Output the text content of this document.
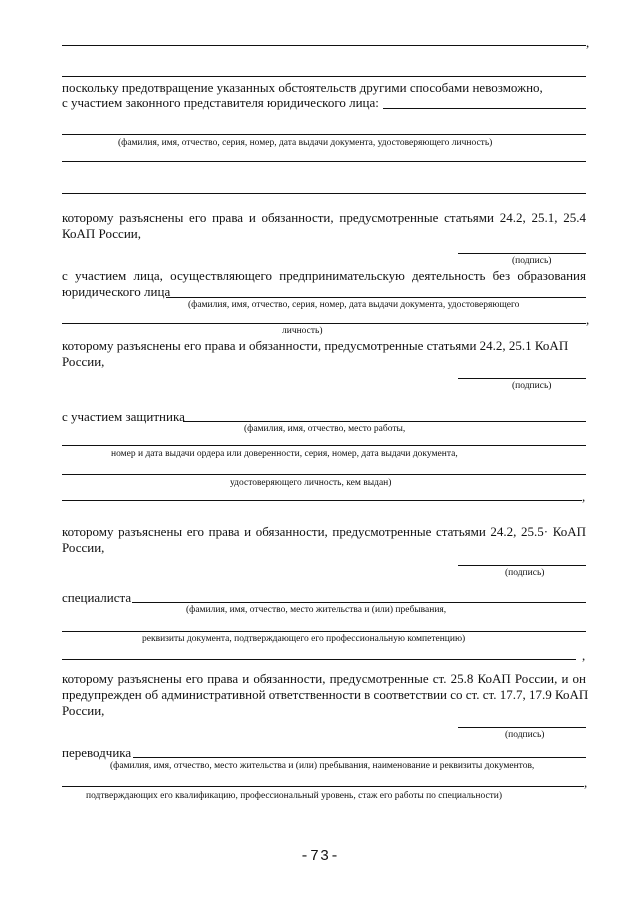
,
поскольку предотвращение указанных обстоятельств другими способами невозможно,
с участием законного представителя юридического лица:
(фамилия, имя, отчество, серия, номер, дата выдачи документа, удостоверяющего личность)
которому разъяснены его права и обязанности, предусмотренные статьями 24.2, 25.1, 25.4
КоАП России,
(подпись)
с участием лица, осуществляющего предпринимательскую деятельность без образования
юридического лица
(фамилия, имя, отчество, серия, номер, дата выдачи документа, удостоверяющего
,
личность)
которому разъяснены его права и обязанности, предусмотренные статьями 24.2, 25.1 КоАП
России,
(подпись)
с участием защитника
(фамилия, имя, отчество, место работы,
номер и дата выдачи ордера или доверенности, серия, номер, дата выдачи документа,
удостоверяющего личность, кем выдан)
,
которому разъяснены его права и обязанности, предусмотренные статьями 24.2, 25.5· КоАП
России,
(подпись)
специалиста
(фамилия, имя, отчество, место жительства и (или) пребывания,
реквизиты документа, подтверждающего его профессиональную компетенцию)
,
которому разъяснены его права и обязанности, предусмотренные ст. 25.8 КоАП России, и он
предупрежден об административной ответственности в соответствии со ст. ст. 17.7, 17.9 КоАП
России,
(подпись)
переводчика
(фамилия, имя, отчество, место жительства и (или) пребывания, наименование и реквизиты документов,
,
подтверждающих его квалификацию, профессиональный уровень, стаж его работы по специальности)
-73-
